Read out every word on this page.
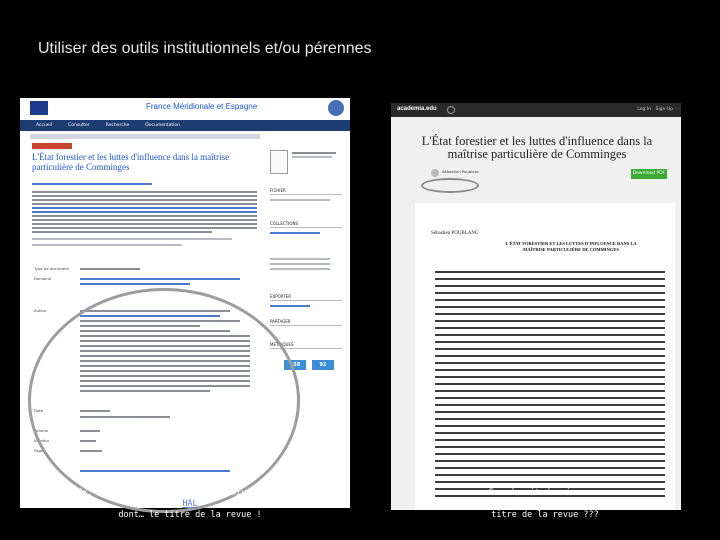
Utiliser des outils institutionnels et/ou pérennes
France Méridionale et Espagne
Accueil	Consulter	Recherche	Documentation
L'État forestier et les luttes d'influence dans la maîtrise particulière de Comminges
Type de document
Domaine
Auteur
Date
Volume
Numéro
Pages
FICHIER
COLLECTIONS
EXPORTER
PARTAGER
METRIQUES
158	92
academia.edu	Log In Sign Up
L'État forestier et les luttes d'influence dans la maîtrise particulière de Comminges
Sébastien Poublanc	Download PDF
Sébastien POUBLANC
L'ÉTAT FORESTIER ET LES LUTTES D'INFLUENCE DANS LA MAÎTRISE PARTICULIÈRE DE COMMINGES
Ex. de métadonnées sur une archive ouverte :
HAL
dont… le titre de la revue !
Ex. de métadonnées sur
Academia 06/2015)
titre de la revue ???
